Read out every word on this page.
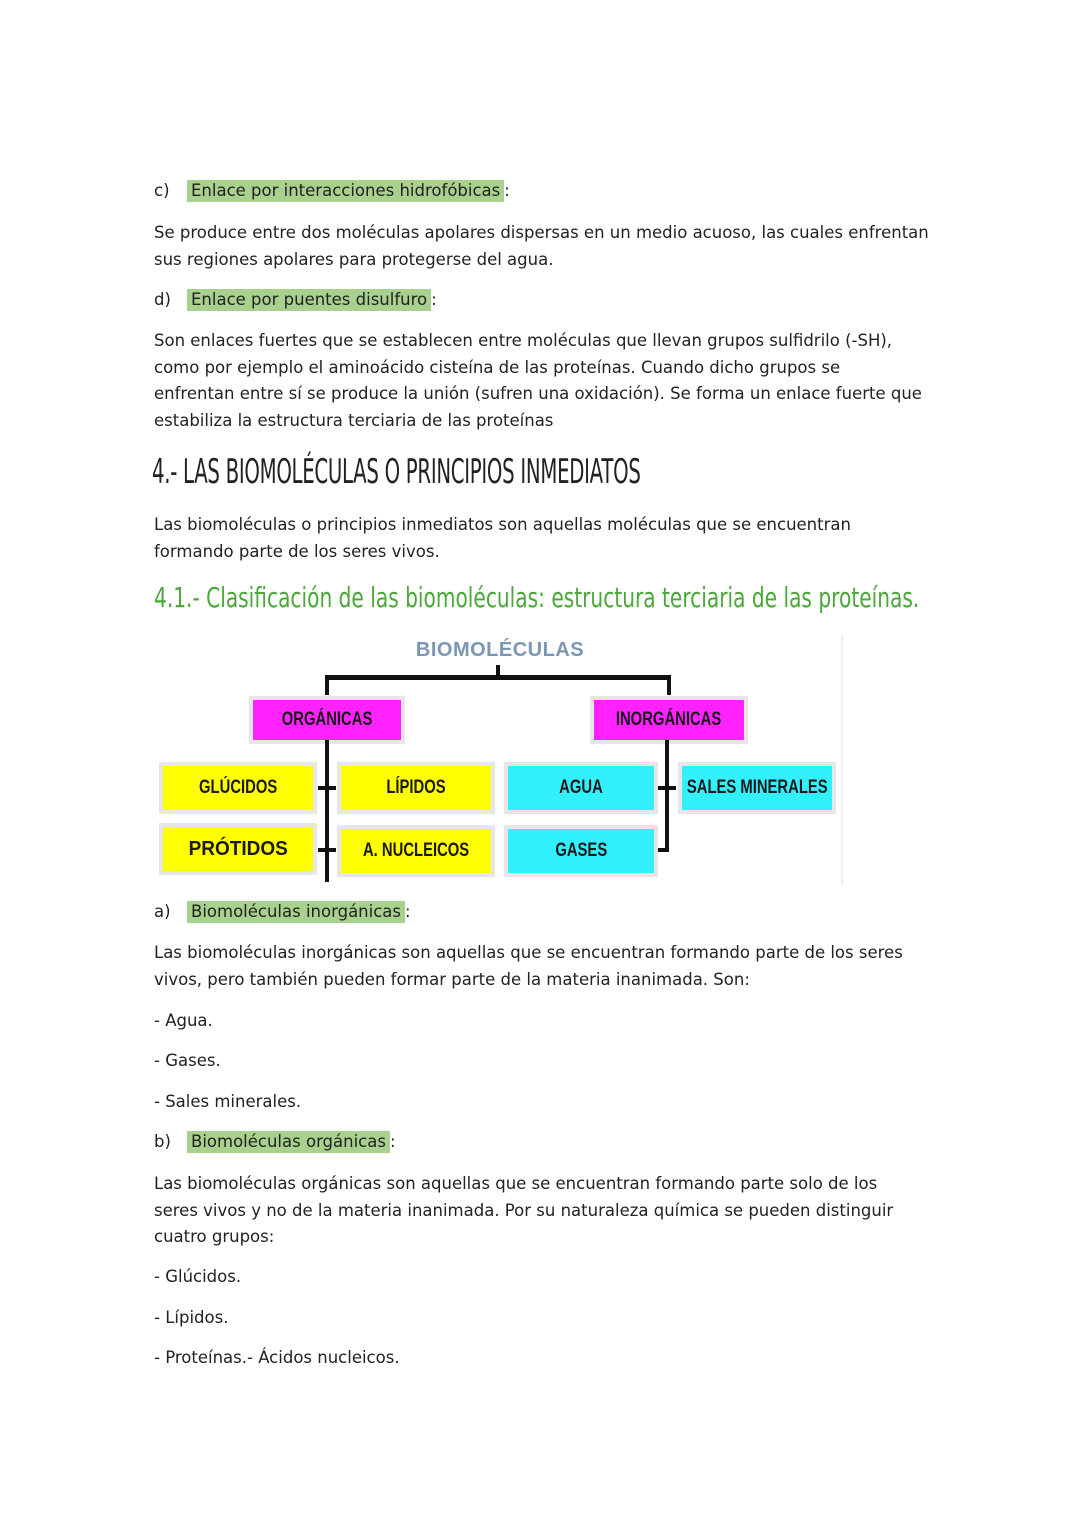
c) Enlace por interacciones hidrofóbicas :

Se produce entre dos moléculas apolares dispersas en un medio acuoso, las cuales enfrentan sus regiones apolares para protegerse del agua.

d) Enlace por puentes disulfuro :

Son enlaces fuertes que se establecen entre moléculas que llevan grupos sulfidrilo (-SH), como por ejemplo el aminoácido cisteína de las proteínas. Cuando dicho grupos se enfrentan entre sí se produce la unión (sufren una oxidación). Se forma un enlace fuerte que estabiliza la estructura terciaria de las proteínas

4.- LAS BIOMOLÉCULAS O PRINCIPIOS INMEDIATOS

Las biomoléculas o principios inmediatos son aquellas moléculas que se encuentran formando parte de los seres vivos.

4.1.- Clasificación de las biomoléculas: estructura terciaria de las proteínas.
BIOMOLÉCULAS
ORGÁNICAS	INORGÁNICAS
GLÚCIDOS	LÍPIDOS
PRÓTIDOS	A. NUCLEICOS
AGUA	SALES MINERALES
GASES
a) Biomoléculas inorgánicas :

Las biomoléculas inorgánicas son aquellas que se encuentran formando parte de los seres vivos, pero también pueden formar parte de la materia inanimada. Son:

- Agua.
- Gases.
- Sales minerales.
b) Biomoléculas orgánicas :

Las biomoléculas orgánicas son aquellas que se encuentran formando parte solo de los seres vivos y no de la materia inanimada. Por su naturaleza química se pueden distinguir cuatro grupos:

- Glúcidos.
- Lípidos.
- Proteínas.- Ácidos nucleicos.
